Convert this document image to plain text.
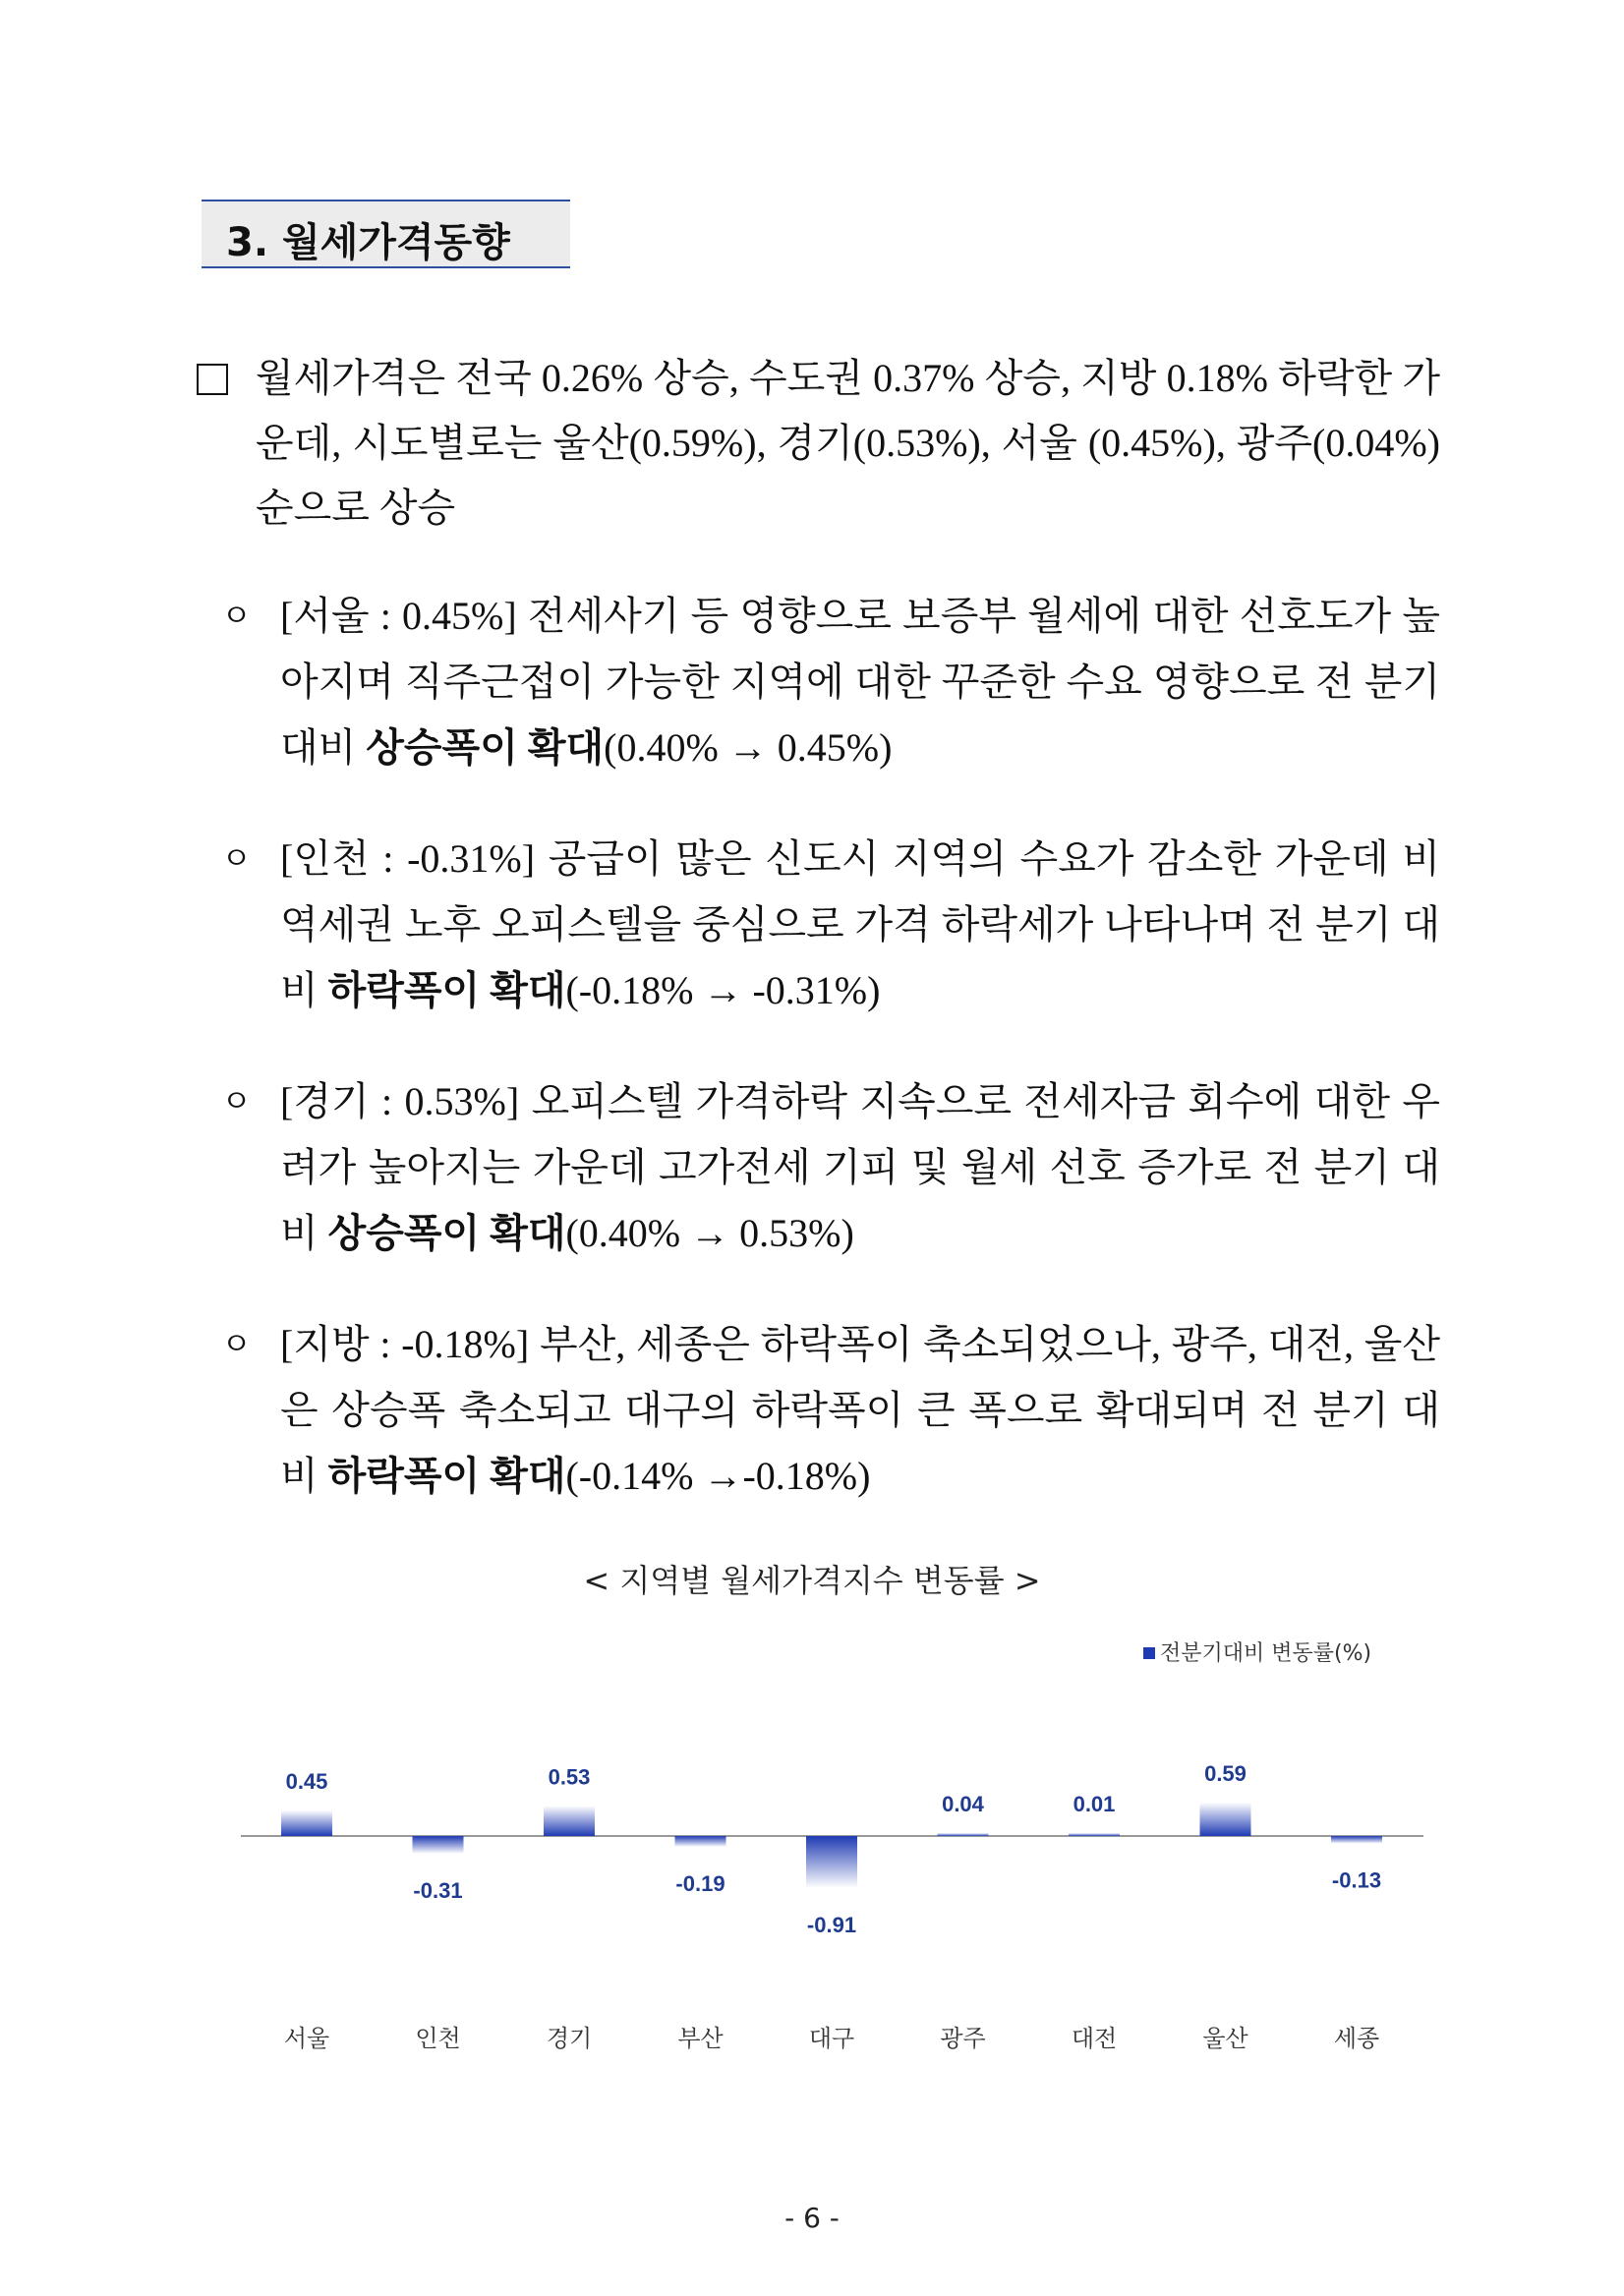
3. 월세가격동향
월세가격은 전국 0.26% 상승, 수도권 0.37% 상승, 지방 0.18% 하락한 가운데, 시도별로는 울산(0.59%), 경기(0.53%), 서울 (0.45%), 광주(0.04%) 순으로 상승
ㅇ [서울 : 0.45%] 전세사기 등 영향으로 보증부 월세에 대한 선호도가 높아지며 직주근접이 가능한 지역에 대한 꾸준한 수요 영향으로 전 분기 대비 상승폭이 확대(0.40% → 0.45%)
ㅇ [인천 : -0.31%] 공급이 많은 신도시 지역의 수요가 감소한 가운데 비역세권 노후 오피스텔을 중심으로 가격 하락세가 나타나며 전 분기 대비 하락폭이 확대(-0.18% → -0.31%)
ㅇ [경기 : 0.53%] 오피스텔 가격하락 지속으로 전세자금 회수에 대한 우려가 높아지는 가운데 고가전세 기피 및 월세 선호 증가로 전 분기 대비 상승폭이 확대(0.40% → 0.53%)
ㅇ [지방 : -0.18%] 부산, 세종은 하락폭이 축소되었으나, 광주, 대전, 울산은 상승폭 축소되고 대구의 하락폭이 큰 폭으로 확대되며 전 분기 대비 하락폭이 확대(-0.14% →-0.18%)
< 지역별 월세가격지수 변동률 >
0.45
서울
-0.31
인천
0.53
경기
-0.19
부산
-0.91
대구
0.04
광주
0.01
대전
0.59
울산
-0.13
세종
전분기대비 변동률(%)
- 6 -
